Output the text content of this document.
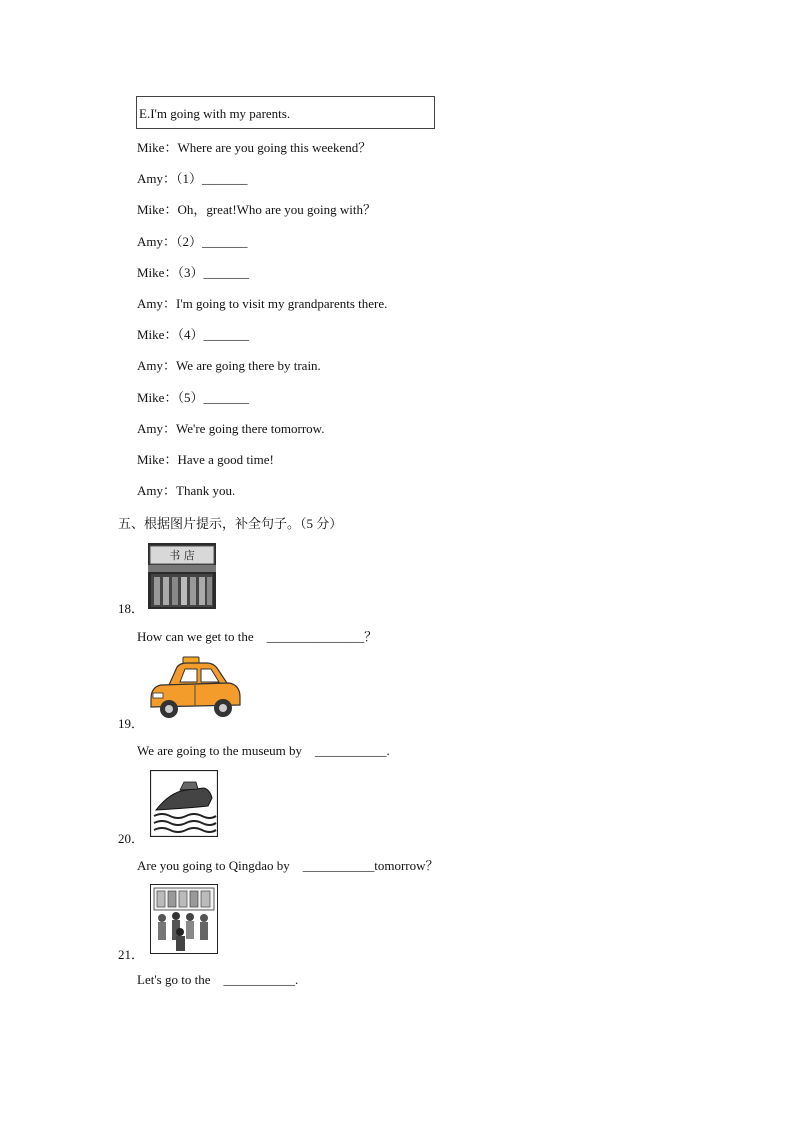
E.I'm going with my parents.
Mike：Where are you going this weekend？
Amy：（1）_______
Mike：Oh，great!Who are you going with？
Amy：（2）_______
Mike：（3）_______
Amy：I'm going to visit my grandparents there.
Mike：（4）_______
Amy：We are going there by train.
Mike：（5）_______
Amy：We're going there tomorrow.
Mike：Have a good time!
Amy：Thank you.
五、根据图片提示，补全句子。（5 分）
书 店
18．
How can we get to the    _______________？
19．
We are going to the museum by    ___________.
20．
Are you going to Qingdao by    ___________tomorrow？
21．
Let's go to the    ___________.
